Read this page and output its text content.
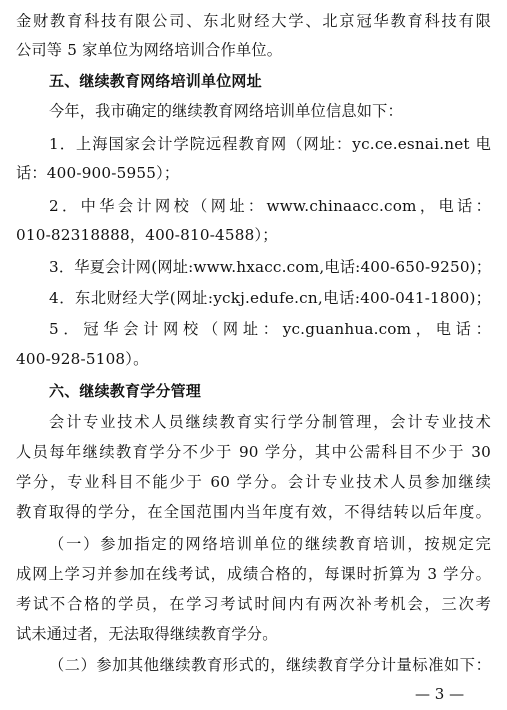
金财教育科技有限公司、东北财经大学、北京冠华教育科技有限
公司等 5 家单位为网络培训合作单位。
五、继续教育网络培训单位网址
今年，我市确定的继续教育网络培训单位信息如下：
1．上海国家会计学院远程教育网（网址：yc.ce.esnai.net 电
话：400-900-5955）；
2．中华会计网校（网址：www.chinaacc.com，电话：
010-82318888，400-810-4588）；
3．华夏会计网(网址:www.hxacc.com,电话:400-650-9250)；
4．东北财经大学(网址:yckj.edufe.cn,电话:400-041-1800)；
5．冠华会计网校（网址：yc.guanhua.com，电话：
400-928-5108）。
六、继续教育学分管理
会计专业技术人员继续教育实行学分制管理，会计专业技术
人员每年继续教育学分不少于 90 学分，其中公需科目不少于 30
学分，专业科目不能少于 60 学分。会计专业技术人员参加继续
教育取得的学分，在全国范围内当年度有效，不得结转以后年度。
（一）参加指定的网络培训单位的继续教育培训，按规定完
成网上学习并参加在线考试，成绩合格的，每课时折算为 3 学分。
考试不合格的学员，在学习考试时间内有两次补考机会，三次考
试未通过者，无法取得继续教育学分。
（二）参加其他继续教育形式的，继续教育学分计量标准如下：
— 3 —
